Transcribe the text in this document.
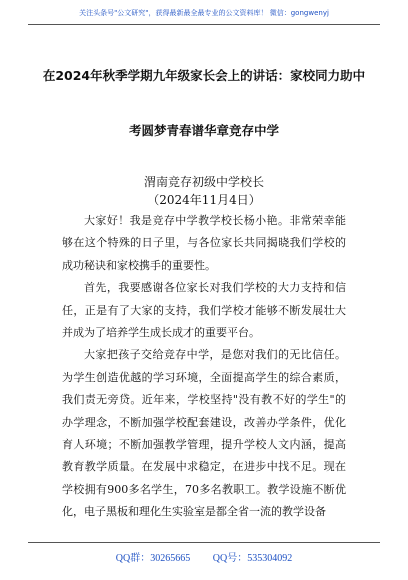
关注头条号"公文研究"，获得最新最全最专业的公文资料库！ 微信：gongwenyj
在2024年秋季学期九年级家长会上的讲话：家校同力助中
考圆梦青春谱华章竞存中学
渭南竞存初级中学校长
（2024年11月4日）

大家好！我是竞存中学教学校长杨小艳。非常荣幸能够在这个特殊的日子里，与各位家长共同揭晓我们学校的成功秘诀和家校携手的重要性。

首先，我要感谢各位家长对我们学校的大力支持和信任，正是有了大家的支持，我们学校才能够不断发展壮大并成为了培养学生成长成才的重要平台。

大家把孩子交给竞存中学，是您对我们的无比信任。为学生创造优越的学习环境，全面提高学生的综合素质，我们责无旁贷。近年来，学校坚持"没有教不好的学生"的办学理念，不断加强学校配套建设，改善办学条件，优化育人环境；不断加强教学管理，提升学校人文内涵，提高教育教学质量。在发展中求稳定，在进步中找不足。现在学校拥有900多名学生，70多名教职工。教学设施不断优化，电子黑板和理化生实验室是都全省一流的教学设备

QQ群：30265665 QQ号：535304092
